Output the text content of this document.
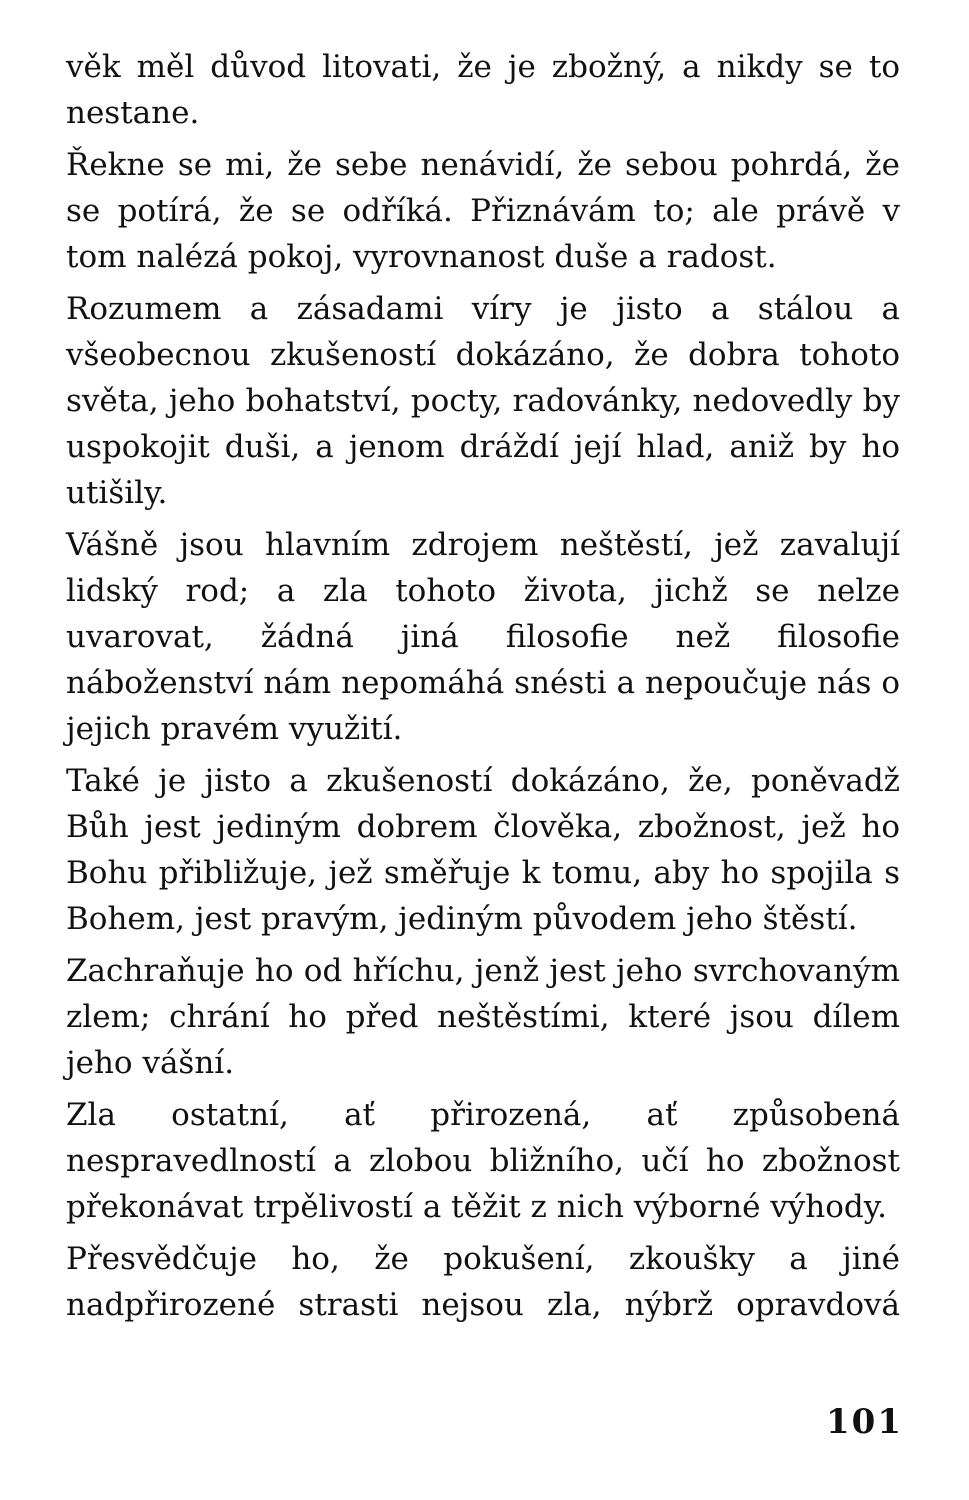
věk měl důvod litovati, že je zbožný, a nikdy se to nestane.

Řekne se mi, že sebe nenávidí, že sebou pohrdá, že se potírá, že se odříká. Přiznávám to; ale právě v tom nalézá pokoj, vyrovnanost duše a radost.

Rozumem a zásadami víry je jisto a stálou a všeobecnou zkušeností dokázáno, že dobra tohoto světa, jeho bohatství, pocty, radovánky, nedovedly by uspokojit duši, a jenom dráždí její hlad, aniž by ho utišily.

Vášně jsou hlavním zdrojem neštěstí, jež zavalují lidský rod; a zla tohoto života, jichž se nelze uvarovat, žádná jiná filosofie než filosofie náboženství nám nepomáhá snésti a nepoučuje nás o jejich pravém využití.

Také je jisto a zkušeností dokázáno, že, poněvadž Bůh jest jediným dobrem člověka, zbožnost, jež ho Bohu přibližuje, jež směřuje k tomu, aby ho spojila s Bohem, jest pravým, jediným původem jeho štěstí.

Zachraňuje ho od hříchu, jenž jest jeho svrchovaným zlem; chrání ho před neštěstími, které jsou dílem jeho vášní.

Zla ostatní, ať přirozená, ať způsobená nespravedlností a zlobou bližního, učí ho zbožnost překonávat trpělivostí a těžit z nich výborné výhody.

Přesvědčuje ho, že pokušení, zkoušky a jiné nadpřirozené strasti nejsou zla, nýbrž opravdová

101
